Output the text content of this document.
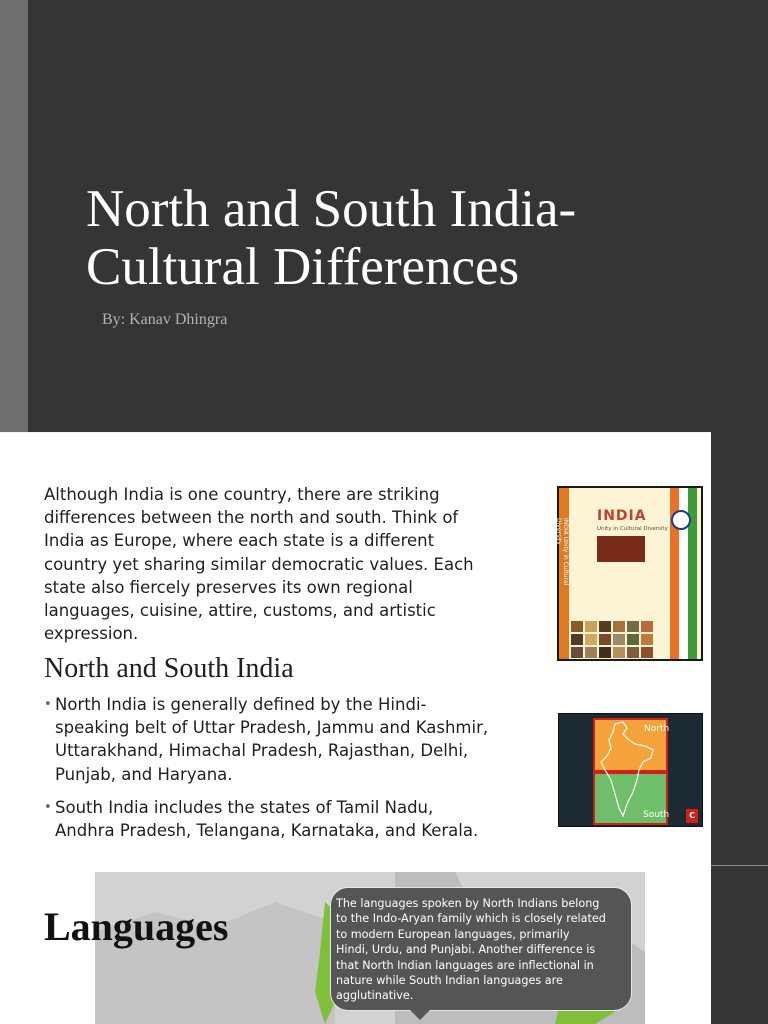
North and South India-
Cultural Differences
By: Kanav Dhingra
Although India is one country, there are striking
differences between the north and south. Think of
India as Europe, where each state is a different
country yet sharing similar democratic values. Each
state also fiercely preserves its own regional
languages, cuisine, attire, customs, and artistic
expression.
North and South India
• North India is generally defined by the Hindi-
speaking belt of Uttar Pradesh, Jammu and Kashmir,
Uttarakhand, Himachal Pradesh, Rajasthan, Delhi,
Punjab, and Haryana.
• South India includes the states of Tamil Nadu,
Andhra Pradesh, Telangana, Karnataka, and Kerala.
INDIA Unity in Cultural Diversity
INDIA
Unity in Cultural Diversity
North
South	C
Languages
The languages spoken by North Indians belong
to the Indo-Aryan family which is closely related
to modern European languages, primarily
Hindi, Urdu, and Punjabi. Another difference is
that North Indian languages are inflectional in
nature while South Indian languages are
agglutinative.
